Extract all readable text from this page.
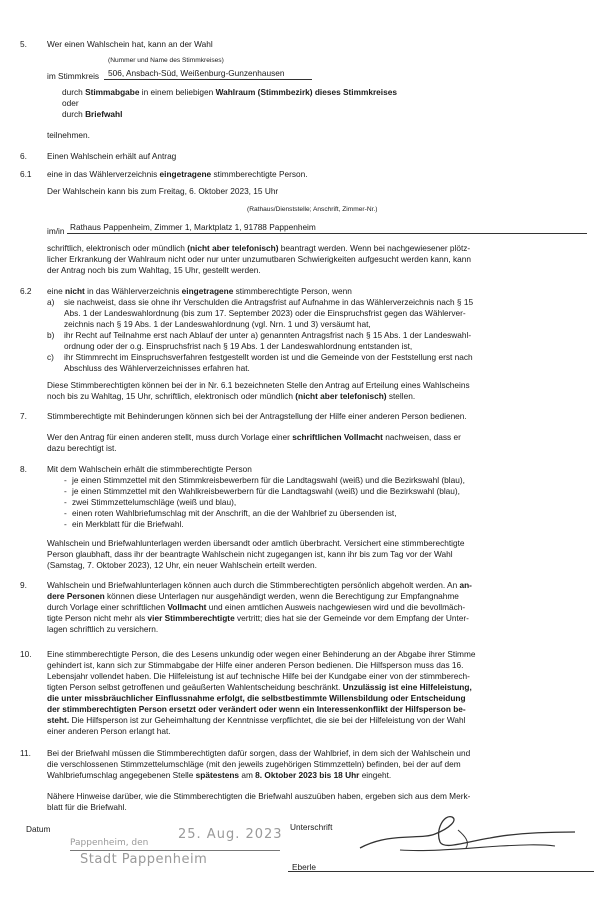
5. Wer einen Wahlschein hat, kann an der Wahl
(Nummer und Name des Stimmkreises)
im Stimmkreis 506, Ansbach-Süd, Weißenburg-Gunzenhausen
durch Stimmabgabe in einem beliebigen Wahlraum (Stimmbezirk) dieses Stimmkreises
oder
durch Briefwahl
teilnehmen.
6. Einen Wahlschein erhält auf Antrag
6.1 eine in das Wählerverzeichnis eingetragene stimmberechtigte Person.
Der Wahlschein kann bis zum Freitag, 6. Oktober 2023, 15 Uhr
(Rathaus/Dienststelle; Anschrift, Zimmer-Nr.)
im/in Rathaus Pappenheim, Zimmer 1, Marktplatz 1, 91788 Pappenheim
schriftlich, elektronisch oder mündlich (nicht aber telefonisch) beantragt werden. Wenn bei nachgewiesener plötz-
licher Erkrankung der Wahlraum nicht oder nur unter unzumutbaren Schwierigkeiten aufgesucht werden kann, kann
der Antrag noch bis zum Wahltag, 15 Uhr, gestellt werden.
6.2 eine nicht in das Wählerverzeichnis eingetragene stimmberechtigte Person, wenn
a) sie nachweist, dass sie ohne ihr Verschulden die Antragsfrist auf Aufnahme in das Wählerverzeichnis nach § 15
Abs. 1 der Landeswahlordnung (bis zum 17. September 2023) oder die Einspruchsfrist gegen das Wählerver-
zeichnis nach § 19 Abs. 1 der Landeswahlordnung (vgl. Nrn. 1 und 3) versäumt hat,
b) ihr Recht auf Teilnahme erst nach Ablauf der unter a) genannten Antragsfrist nach § 15 Abs. 1 der Landeswahl-
ordnung oder der o.g. Einspruchsfrist nach § 19 Abs. 1 der Landeswahlordnung entstanden ist,
c) ihr Stimmrecht im Einspruchsverfahren festgestellt worden ist und die Gemeinde von der Feststellung erst nach
Abschluss des Wählerverzeichnisses erfahren hat.
Diese Stimmberechtigten können bei der in Nr. 6.1 bezeichneten Stelle den Antrag auf Erteilung eines Wahlscheins
noch bis zu Wahltag, 15 Uhr, schriftlich, elektronisch oder mündlich (nicht aber telefonisch) stellen.
7. Stimmberechtigte mit Behinderungen können sich bei der Antragstellung der Hilfe einer anderen Person bedienen.
Wer den Antrag für einen anderen stellt, muss durch Vorlage einer schriftlichen Vollmacht nachweisen, dass er
dazu berechtigt ist.
8. Mit dem Wahlschein erhält die stimmberechtigte Person
- je einen Stimmzettel mit den Stimmkreisbewerbern für die Landtagswahl (weiß) und die Bezirkswahl (blau),
- je einen Stimmzettel mit den Wahlkreisbewerbern für die Landtagswahl (weiß) und die Bezirkswahl (blau),
- zwei Stimmzettelumschläge (weiß und blau),
- einen roten Wahlbriefumschlag mit der Anschrift, an die der Wahlbrief zu übersenden ist,
- ein Merkblatt für die Briefwahl.
Wahlschein und Briefwahlunterlagen werden übersandt oder amtlich überbracht. Versichert eine stimmberechtigte
Person glaubhaft, dass ihr der beantragte Wahlschein nicht zugegangen ist, kann ihr bis zum Tag vor der Wahl
(Samstag, 7. Oktober 2023), 12 Uhr, ein neuer Wahlschein erteilt werden.
9. Wahlschein und Briefwahlunterlagen können auch durch die Stimmberechtigten persönlich abgeholt werden. An an-
dere Personen können diese Unterlagen nur ausgehändigt werden, wenn die Berechtigung zur Empfangnahme
durch Vorlage einer schriftlichen Vollmacht und einen amtlichen Ausweis nachgewiesen wird und die bevollmäch-
tigte Person nicht mehr als vier Stimmberechtigte vertritt; dies hat sie der Gemeinde vor dem Empfang der Unter-
lagen schriftlich zu versichern.
10. Eine stimmberechtigte Person, die des Lesens unkundig oder wegen einer Behinderung an der Abgabe ihrer Stimme
gehindert ist, kann sich zur Stimmabgabe der Hilfe einer anderen Person bedienen. Die Hilfsperson muss das 16.
Lebensjahr vollendet haben. Die Hilfeleistung ist auf technische Hilfe bei der Kundgabe einer von der stimmberech-
tigten Person selbst getroffenen und geäußerten Wahlentscheidung beschränkt. Unzulässig ist eine Hilfeleistung,
die unter missbräuchlicher Einflussnahme erfolgt, die selbstbestimmte Willensbildung oder Entscheidung
der stimmberechtigten Person ersetzt oder verändert oder wenn ein Interessenkonflikt der Hilfsperson be-
steht. Die Hilfsperson ist zur Geheimhaltung der Kenntnisse verpflichtet, die sie bei der Hilfeleistung von der Wahl
einer anderen Person erlangt hat.
11. Bei der Briefwahl müssen die Stimmberechtigten dafür sorgen, dass der Wahlbrief, in dem sich der Wahlschein und
die verschlossenen Stimmzettelumschläge (mit den jeweils zugehörigen Stimmzetteln) befinden, bei der auf dem
Wahlbriefumschlag angegebenen Stelle spätestens am 8. Oktober 2023 bis 18 Uhr eingeht.
Nähere Hinweise darüber, wie die Stimmberechtigten die Briefwahl auszuüben haben, ergeben sich aus dem Merk-
blatt für die Briefwahl.
Datum
Pappenheim, den
25. Aug. 2023
Stadt Pappenheim
Unterschrift
Eberle
